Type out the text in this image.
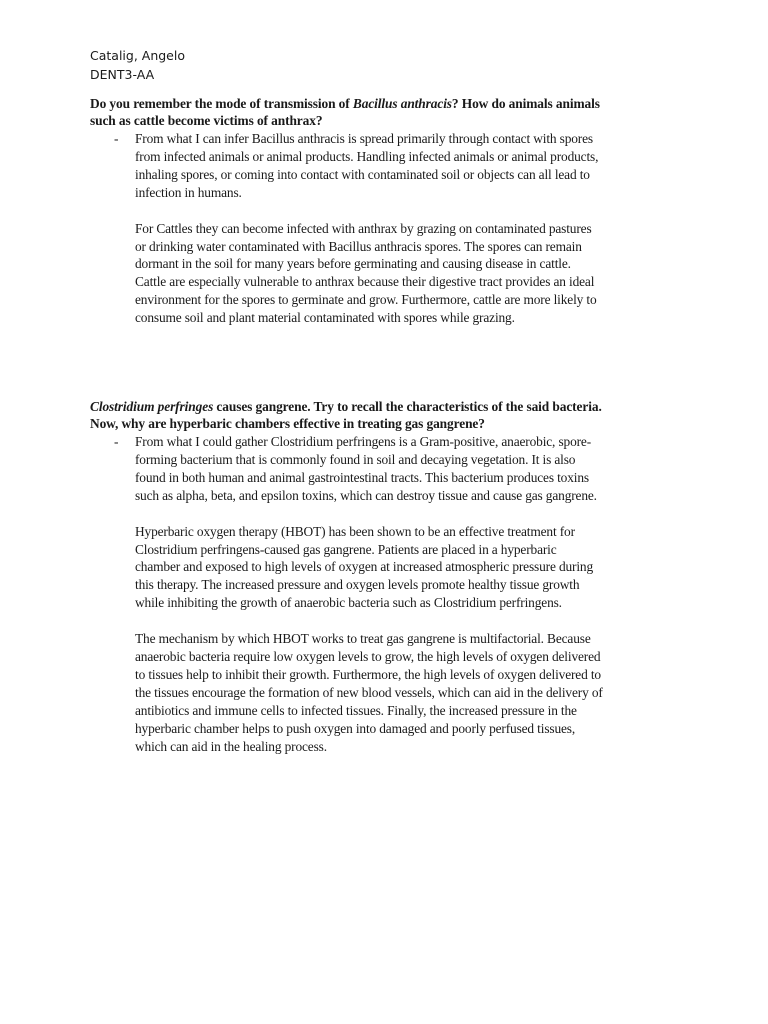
Catalig, Angelo
DENT3-AA
Do you remember the mode of transmission of Bacillus anthracis? How do animals animals
such as cattle become victims of anthrax?
- From what I can infer Bacillus anthracis is spread primarily through contact with spores
from infected animals or animal products. Handling infected animals or animal products,
inhaling spores, or coming into contact with contaminated soil or objects can all lead to
infection in humans.
For Cattles they can become infected with anthrax by grazing on contaminated pastures
or drinking water contaminated with Bacillus anthracis spores. The spores can remain
dormant in the soil for many years before germinating and causing disease in cattle.
Cattle are especially vulnerable to anthrax because their digestive tract provides an ideal
environment for the spores to germinate and grow. Furthermore, cattle are more likely to
consume soil and plant material contaminated with spores while grazing.
Clostridium perfringes causes gangrene. Try to recall the characteristics of the said bacteria.
Now, why are hyperbaric chambers effective in treating gas gangrene?
- From what I could gather Clostridium perfringens is a Gram-positive, anaerobic, spore-
forming bacterium that is commonly found in soil and decaying vegetation. It is also
found in both human and animal gastrointestinal tracts. This bacterium produces toxins
such as alpha, beta, and epsilon toxins, which can destroy tissue and cause gas gangrene.
Hyperbaric oxygen therapy (HBOT) has been shown to be an effective treatment for
Clostridium perfringens-caused gas gangrene. Patients are placed in a hyperbaric
chamber and exposed to high levels of oxygen at increased atmospheric pressure during
this therapy. The increased pressure and oxygen levels promote healthy tissue growth
while inhibiting the growth of anaerobic bacteria such as Clostridium perfringens.
The mechanism by which HBOT works to treat gas gangrene is multifactorial. Because
anaerobic bacteria require low oxygen levels to grow, the high levels of oxygen delivered
to tissues help to inhibit their growth. Furthermore, the high levels of oxygen delivered to
the tissues encourage the formation of new blood vessels, which can aid in the delivery of
antibiotics and immune cells to infected tissues. Finally, the increased pressure in the
hyperbaric chamber helps to push oxygen into damaged and poorly perfused tissues,
which can aid in the healing process.
